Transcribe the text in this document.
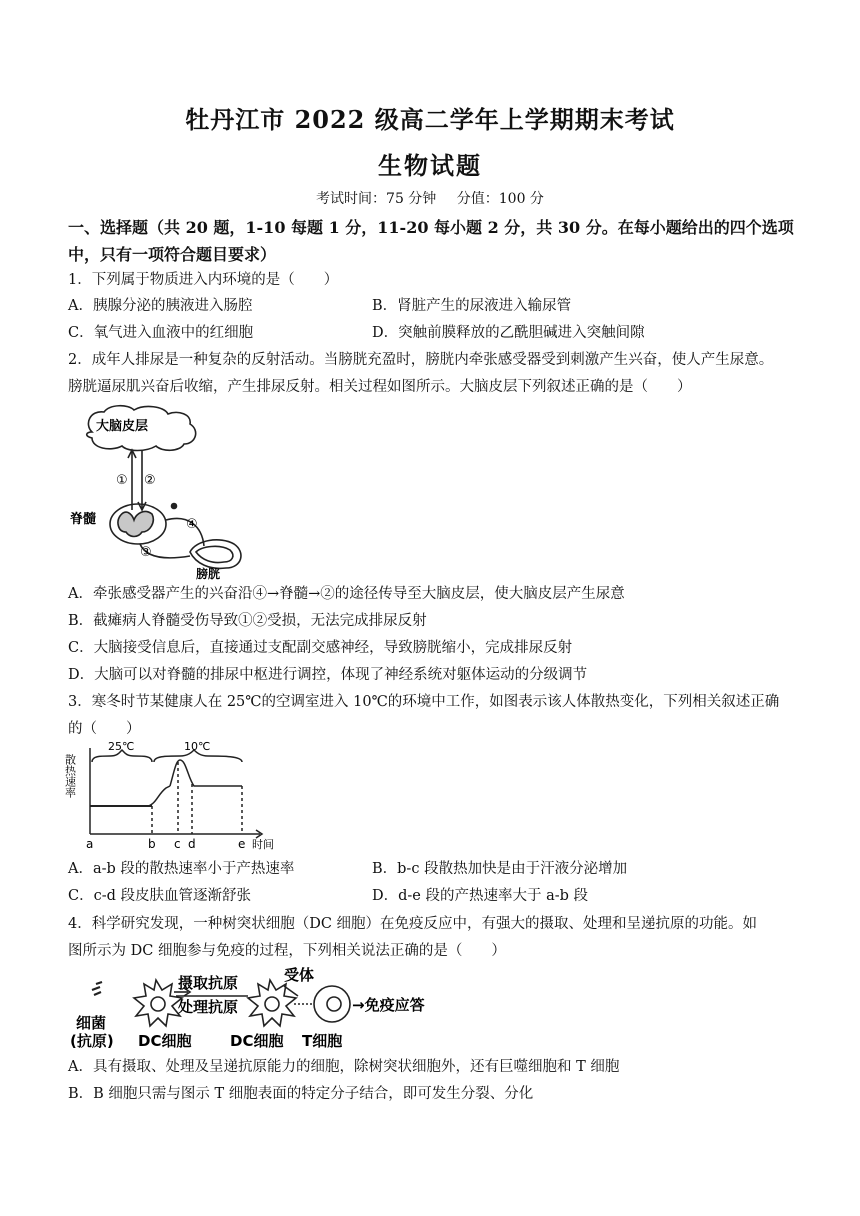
牡丹江市 2022 级高二学年上学期期末考试
生物试题
考试时间：75 分钟 分值：100 分
一、选择题（共 20 题，1-10 每题 1 分，11-20 每小题 2 分，共 30 分。在每小题给出的四个选项
中，只有一项符合题目要求）
1．下列属于物质进入内环境的是（　　）
A．胰腺分泌的胰液进入肠腔	B．肾脏产生的尿液进入输尿管
C．氧气进入血液中的红细胞	D．突触前膜释放的乙酰胆碱进入突触间隙
2．成年人排尿是一种复杂的反射活动。当膀胱充盈时，膀胱内牵张感受器受到刺激产生兴奋，使人产生尿意。
膀胱逼尿肌兴奋后收缩，产生排尿反射。相关过程如图所示。大脑皮层下列叙述正确的是（　　）
大脑皮层
脊髓
膀胱
① ②
③
④
A．牵张感受器产生的兴奋沿④→脊髓→②的途径传导至大脑皮层，使大脑皮层产生尿意
B．截瘫病人脊髓受伤导致①②受损，无法完成排尿反射
C．大脑接受信息后，直接通过支配副交感神经，导致膀胱缩小，完成排尿反射
D．大脑可以对脊髓的排尿中枢进行调控，体现了神经系统对躯体运动的分级调节
3．寒冬时节某健康人在 25℃的空调室进入 10℃的环境中工作，如图表示该人体散热变化，下列相关叙述正确
的（　　）
散热速率
25℃	10℃
时间
a	b c d	e
A．a-b 段的散热速率小于产热速率	B．b-c 段散热加快是由于汗液分泌增加
C．c-d 段皮肤血管逐渐舒张	D．d-e 段的产热速率大于 a-b 段
4．科学研究发现，一种树突状细胞（DC 细胞）在免疫反应中，有强大的摄取、处理和呈递抗原的功能。如
图所示为 DC 细胞参与免疫的过程，下列相关说法正确的是（　　）
细菌
(抗原)
摄取抗原
处理抗原
DC细胞	DC细胞
受体
T细胞
→免疫应答
A．具有摄取、处理及呈递抗原能力的细胞，除树突状细胞外，还有巨噬细胞和 T 细胞
B．B 细胞只需与图示 T 细胞表面的特定分子结合，即可发生分裂、分化
